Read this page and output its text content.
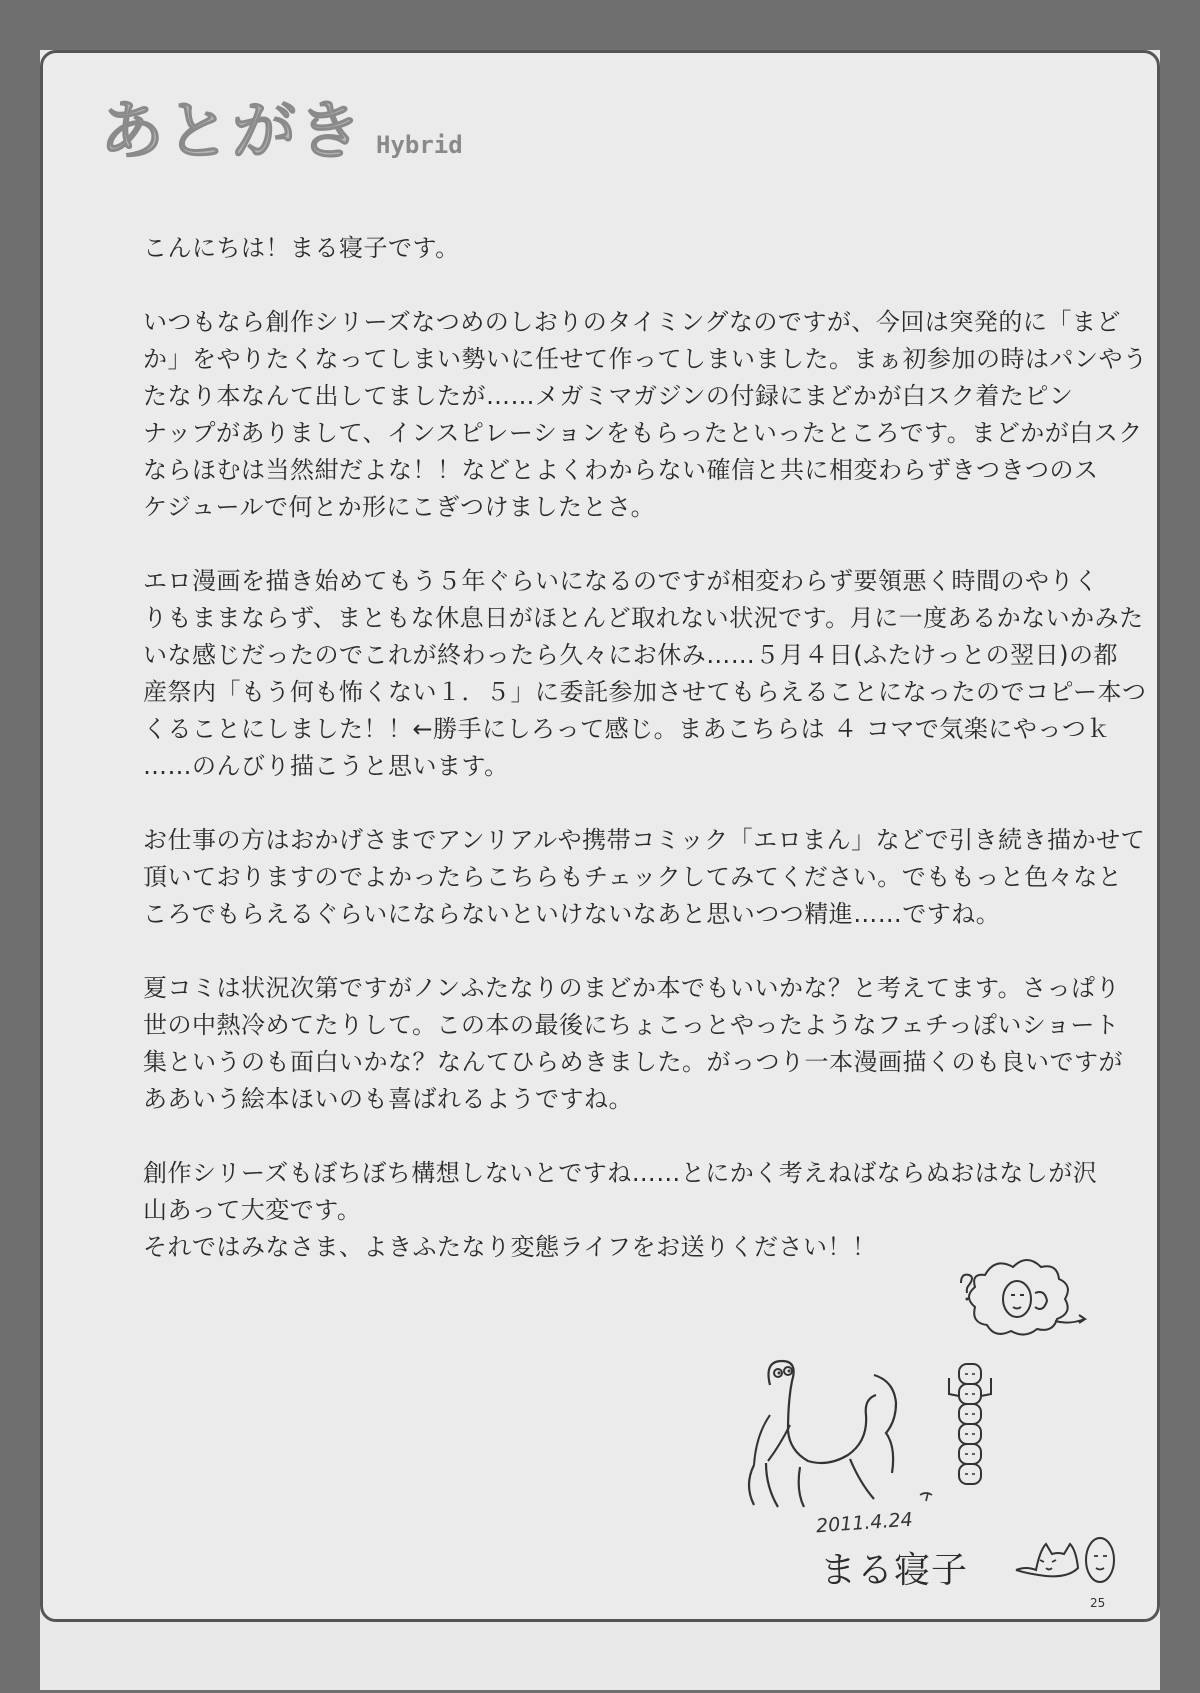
あとがき Hybrid

こんにちは！まる寝子です。

いつもなら創作シリーズなつめのしおりのタイミングなのですが、今回は突発的に「まど
か」をやりたくなってしまい勢いに任せて作ってしまいました。まぁ初参加の時はパンやう
たなり本なんて出してましたが……メガミマガジンの付録にまどかが白スク着たピン
ナップがありまして、インスピレーションをもらったといったところです。まどかが白スク
ならほむは当然紺だよな！！などとよくわからない確信と共に相変わらずきつきつのス
ケジュールで何とか形にこぎつけましたとさ。

エロ漫画を描き始めてもう５年ぐらいになるのですが相変わらず要領悪く時間のやりく
りもままならず、まともな休息日がほとんど取れない状況です。月に一度あるかないかみた
いな感じだったのでこれが終わったら久々にお休み……５月４日(ふたけっとの翌日)の都
産祭内「もう何も怖くない１．５」に委託参加させてもらえることになったのでコピー本つ
くることにしました！！←勝手にしろって感じ。まあこちらは ４ コマで気楽にやっつｋ
……のんびり描こうと思います。

お仕事の方はおかげさまでアンリアルや携帯コミック「エロまん」などで引き続き描かせて
頂いておりますのでよかったらこちらもチェックしてみてください。でももっと色々なと
ころでもらえるぐらいにならないといけないなあと思いつつ精進……ですね。

夏コミは状況次第ですがノンふたなりのまどか本でもいいかな？と考えてます。さっぱり
世の中熱冷めてたりして。この本の最後にちょこっとやったようなフェチっぽいショート
集というのも面白いかな？なんてひらめきました。がっつり一本漫画描くのも良いですが
ああいう絵本ほいのも喜ばれるようですね。

創作シリーズもぼちぼち構想しないとですね……とにかく考えねばならぬおはなしが沢
山あって大変です。
それではみなさま、よきふたなり変態ライフをお送りください！！

2011.4.24
まる寝子
25
